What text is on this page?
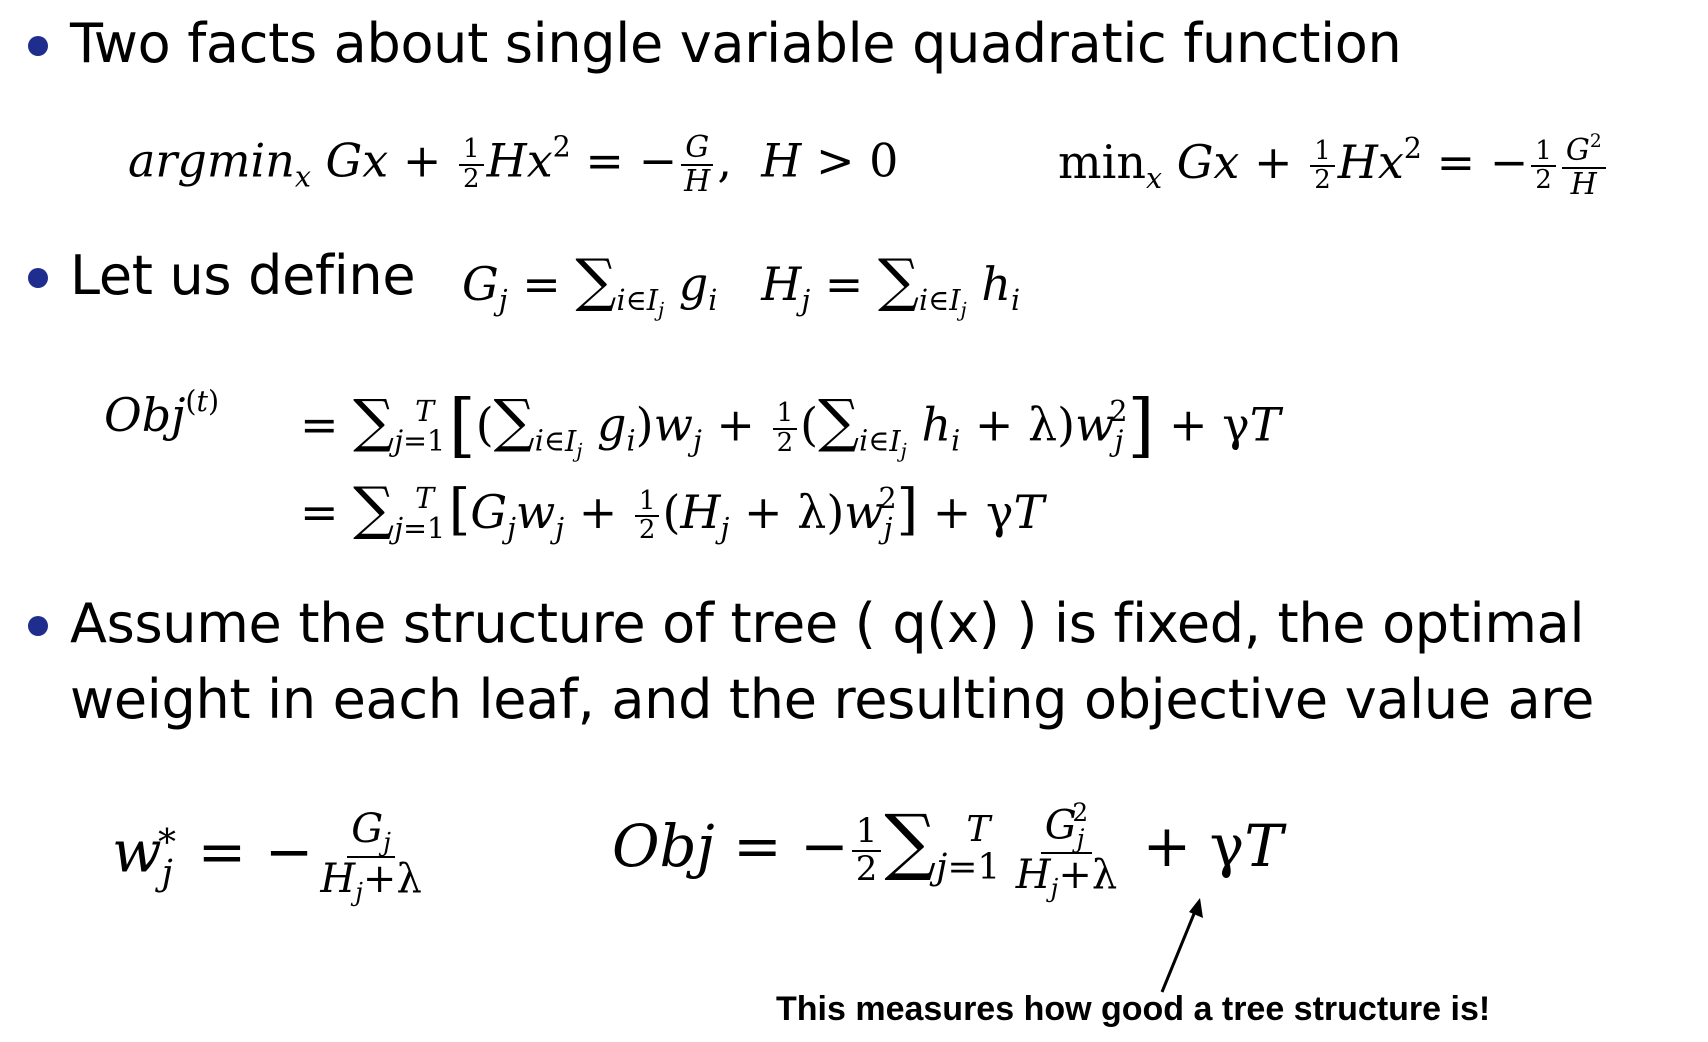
Two facts about single variable quadratic function
argmin$_x$ $Gx + \frac{1}{2} Hx^2$ = − $\frac{G}{H}$ ,  H > 0	$\min_x Gx + \frac{1}{2} Hx^2$ = − $\frac{1}{2} \frac{G^2}{H}$
Let us define $G_j = \sum_{i\in I_j}$ $g_i$ $H_j = \sum_{i\in I_j}$ $h_i$
$Obj^{(t)} = \sum_{j=1}^T$ [($\sum_{i\in I_j}$ $g_i)w_j + \frac{1}{2} (\sum_{i\in I_j}$ $h_i + \lambda)w_j^2] + \gamma T$
= $\sum_{j=1}^T$ $[G_jw_j + \frac{1}{2} (H_j + \lambda)w_j^2] + \gamma T$
Assume the structure of tree ( q(x) ) is fixed, the optimal
weight in each leaf, and the resulting objective value are
$w_j^∗$ = − $\frac{G_j}{H_j+\lambda}$	Obj = − $\frac{1}{2} \sum_{j=1}^T \frac{G_j^2}{H_j+\lambda} + \gamma T$
This measures how good a tree structure is!
